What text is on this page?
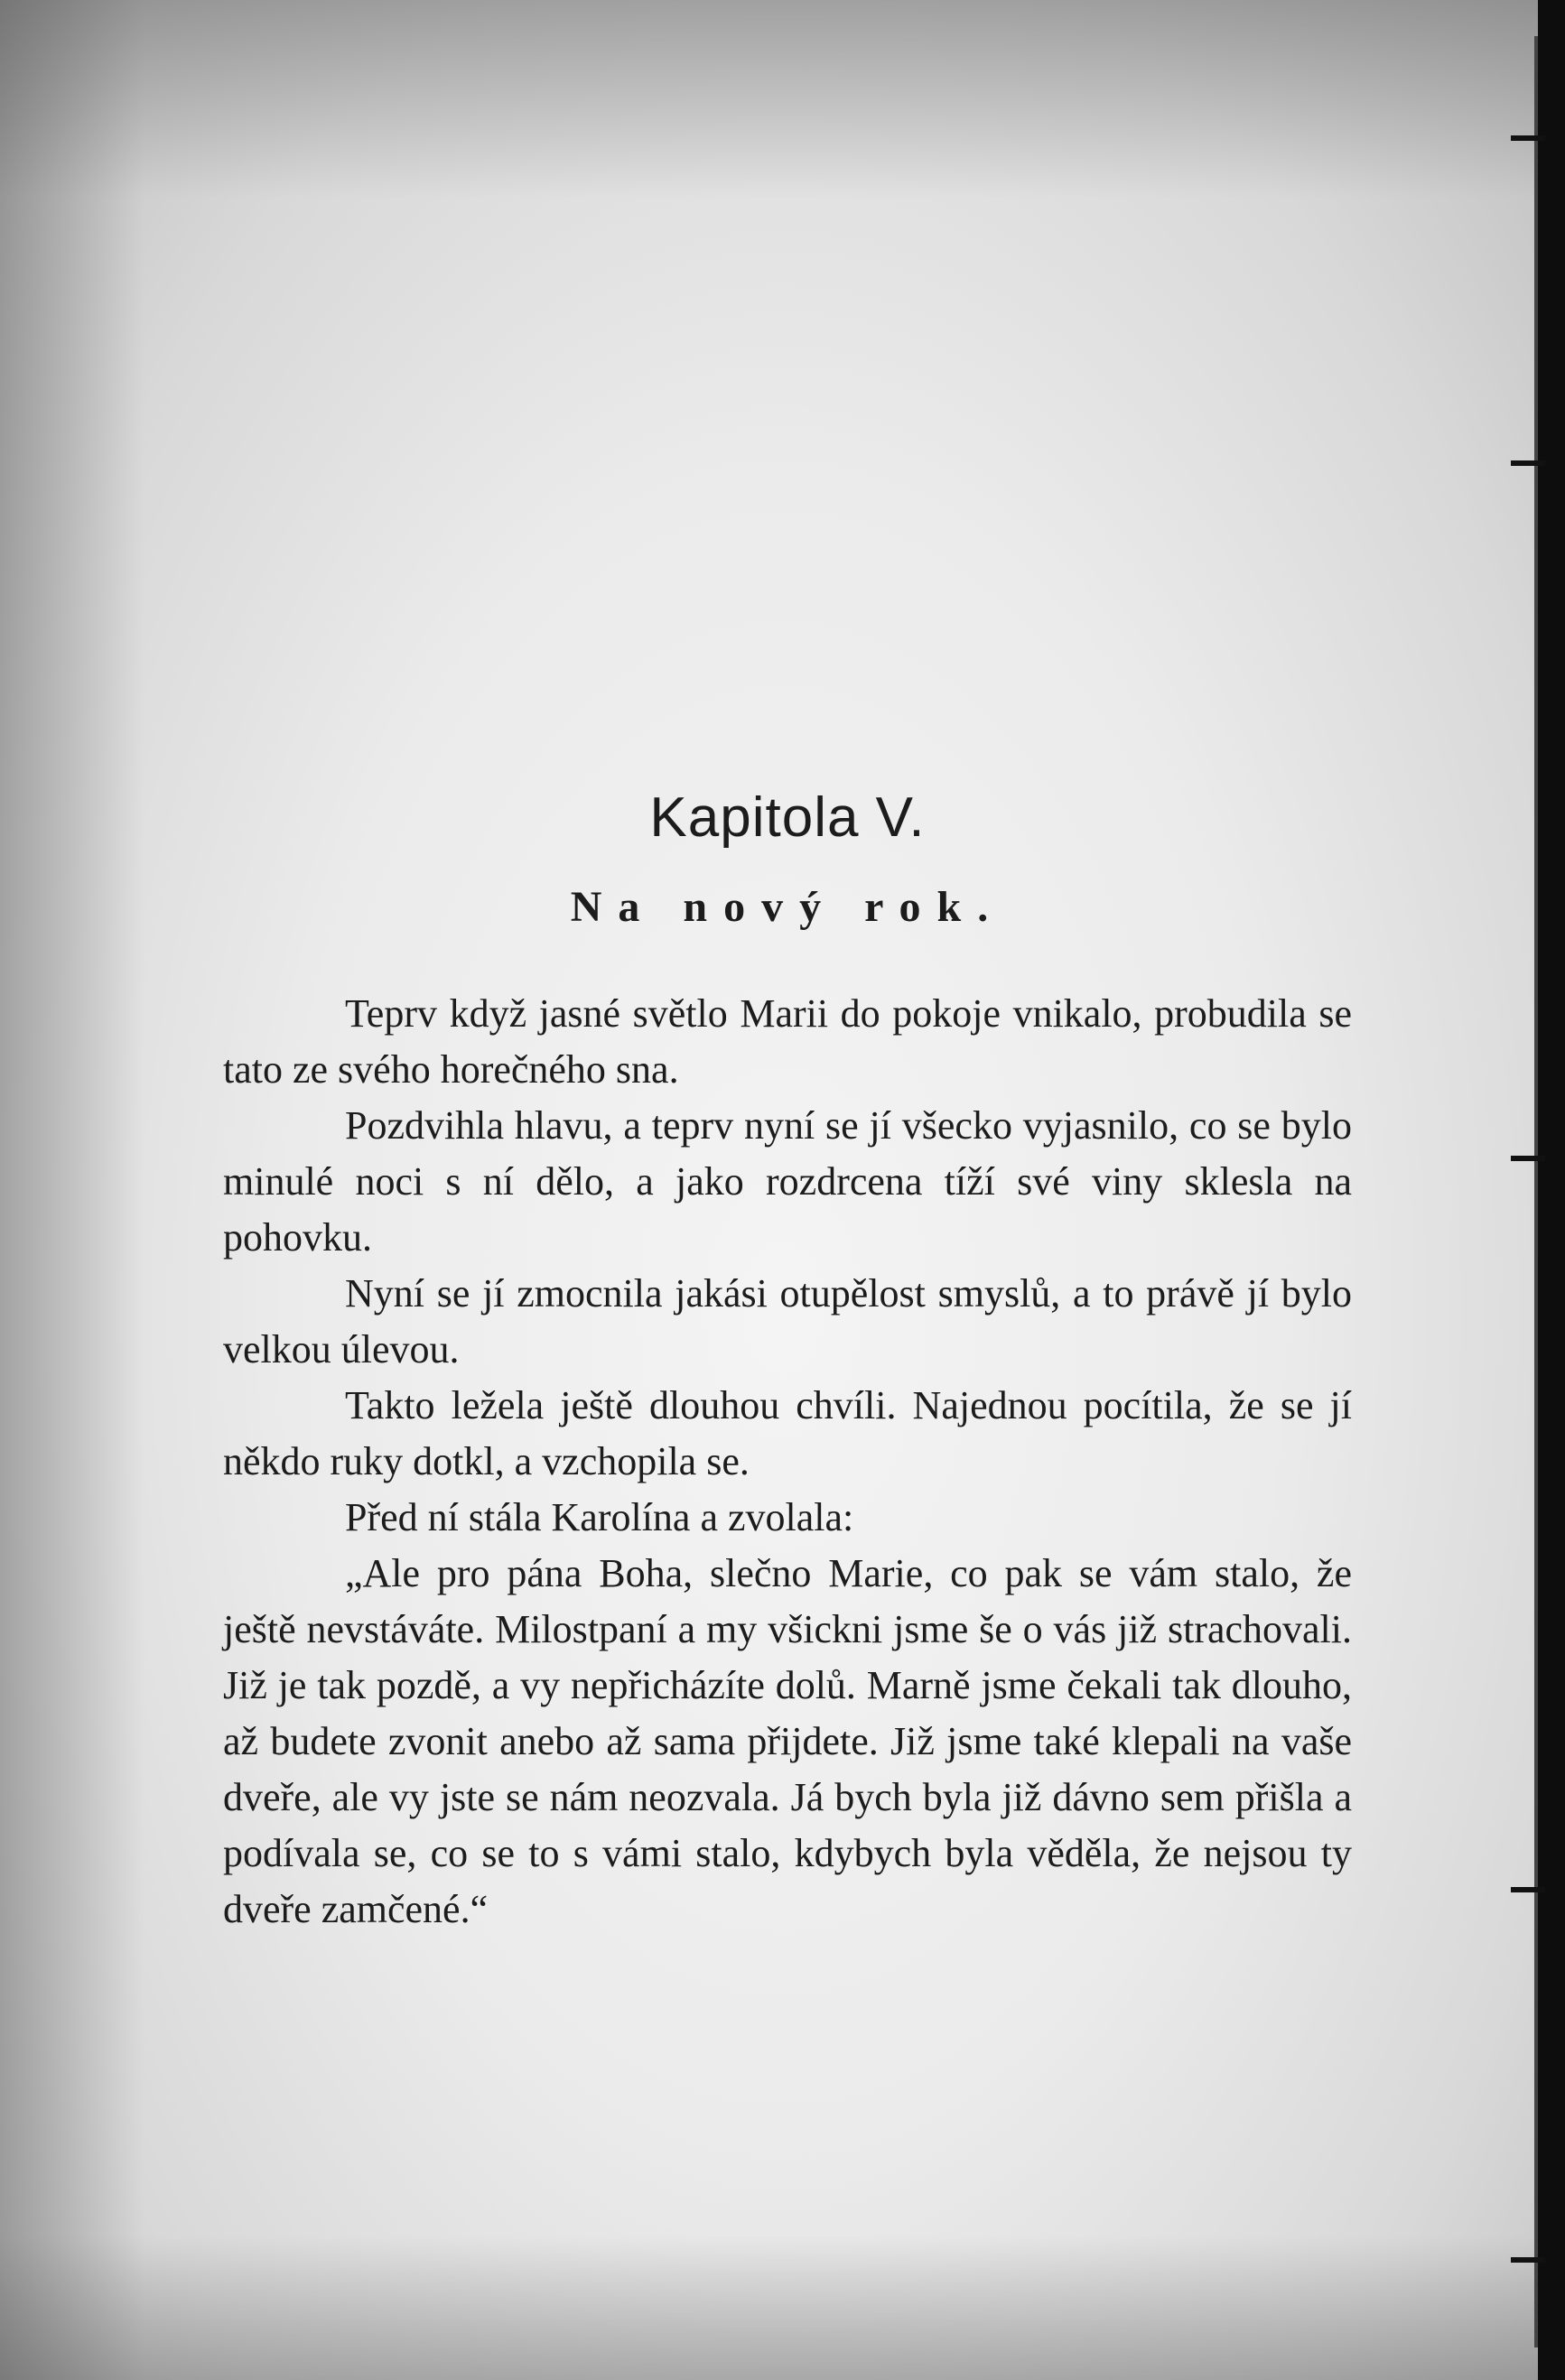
Kapitola V.
Na nový rok.

Teprv když jasné světlo Marii do pokoje vnikalo, probudila se tato ze svého horečného sna.

Pozdvihla hlavu, a teprv nyní se jí všecko vyjasnilo, co se bylo minulé noci s ní dělo, a jako rozdrcena tíží své viny sklesla na pohovku.

Nyní se jí zmocnila jakási otupělost smyslů, a to právě jí bylo velkou úlevou.

Takto ležela ještě dlouhou chvíli. Najednou pocítila, že se jí někdo ruky dotkl, a vzchopila se.

Před ní stála Karolína a zvolala:

„Ale pro pána Boha, slečno Marie, co pak se vám stalo, že ještě nevstáváte. Milostpaní a my všickni jsme še o vás již strachovali. Již je tak pozdě, a vy nepřicházíte dolů. Marně jsme čekali tak dlouho, až budete zvonit anebo až sama přijdete. Již jsme také klepali na vaše dveře, ale vy jste se nám neozvala. Já bych byla již dávno sem přišla a podívala se, co se to s vámi stalo, kdybych byla věděla, že nejsou ty dveře zamčené.“
